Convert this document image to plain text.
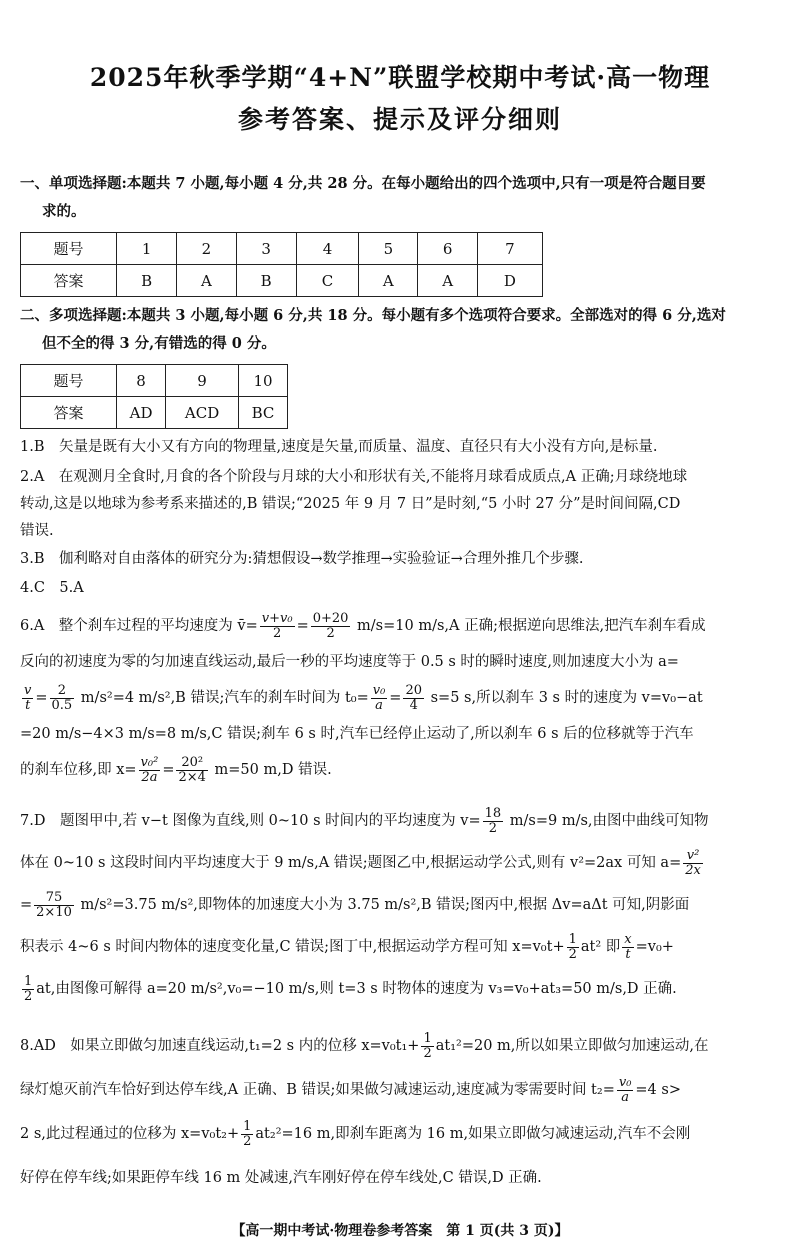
2025年秋季学期“4+N”联盟学校期中考试·高一物理
参考答案、提示及评分细则
一、单项选择题:本题共 7 小题,每小题 4 分,共 28 分。在每小题给出的四个选项中,只有一项是符合题目要
求的。
题号	1	2	3	4	5	6	7
答案	B	A	B	C	A	A	D
二、多项选择题:本题共 3 小题,每小题 6 分,共 18 分。每小题有多个选项符合要求。全部选对的得 6 分,选对
但不全的得 3 分,有错选的得 0 分。
题号	8	9	10
答案	AD	ACD	BC
1.B　矢量是既有大小又有方向的物理量,速度是矢量,而质量、温度、直径只有大小没有方向,是标量.
2.A　在观测月全食时,月食的各个阶段与月球的大小和形状有关,不能将月球看成质点,A 正确;月球绕地球
转动,这是以地球为参考系来描述的,B 错误;“2025 年 9 月 7 日”是时刻,“5 小时 27 分”是时间间隔,CD
错误.
3.B　伽利略对自由落体的研究分为:猜想假设→数学推理→实验验证→合理外推几个步骤.
4.C　5.A
6.A　整个刹车过程的平均速度为 v̄= $\frac{\text{v+v₀}}{2} = \frac{0+20}{2} m/s=10$ m/s,A 正确;根据逆向思维法,把汽车刹车看成
反向的初速度为零的匀加速直线运动,最后一秒的平均速度等于 0.5 s 时的瞬时速度,则加速度大小为 a=
$\frac{v}{t} = \frac{2}{0.5} m/s^2=4$ m/s²,B 错误;汽车的刹车时间为 $t_0= \frac{\text{v₀}}{a} = \frac{20}{4} s=5$ s,所以刹车 3 s 时的速度为 v=v₀−at
=20 m/s−4×3 m/s=8 m/s,C 错误;刹车 6 s 时,汽车已经停止运动了,所以刹车 6 s 后的位移就等于汽车
的刹车位移,即 $x= \frac{\text{v₀²}}{2a} = \frac{\text{20²}}{2\times 4} m=50$ m,D 错误.
7.D　题图甲中,若 v−t 图像为直线,则 0~10 s 时间内的平均速度为 $v= \frac{18}{2} m/s=9$ m/s,由图中曲线可知物
体在 0~10 s 这段时间内平均速度大于 9 m/s,A 错误;题图乙中,根据运动学公式,则有 v²=2ax 可知 $a= \frac{\text{v²}}{2x}$
= $\frac{75}{2\times 10} m/s^2=3.75$ m/s²,即物体的加速度大小为 3.75 m/s²,B 错误;图丙中,根据 Δv=aΔt 可知,阴影面
积表示 4~6 s 时间内物体的速度变化量,C 错误;图丁中,根据运动学方程可知 $x=v_0t+ \frac{1}{2} at^2$ 即 $\frac{x}{t} =v_0+$
$\frac{1}{2}$ at,由图像可解得 a=20 m/s²,v₀=−10 m/s,则 t=3 s 时物体的速度为 v₃=v₀+at₃=50 m/s,D 正确.
8.AD　如果立即做匀加速直线运动,t₁=2 s 内的位移 $x=v_0t_1+ \frac{1}{2} at_1^2=20$ m,所以如果立即做匀加速运动,在
绿灯熄灭前汽车恰好到达停车线,A 正确、B 错误;如果做匀减速运动,速度减为零需要时间 $t_2= \frac{\text{v₀}}{a} =4$ s>
2 s,此过程通过的位移为 $x=v_0t_2+ \frac{1}{2} at_2^2=16$ m,即刹车距离为 16 m,如果立即做匀减速运动,汽车不会刚
好停在停车线;如果距停车线 16 m 处减速,汽车刚好停在停车线处,C 错误,D 正确.
【高一期中考试·物理卷参考答案　第 1 页(共 3 页)】
